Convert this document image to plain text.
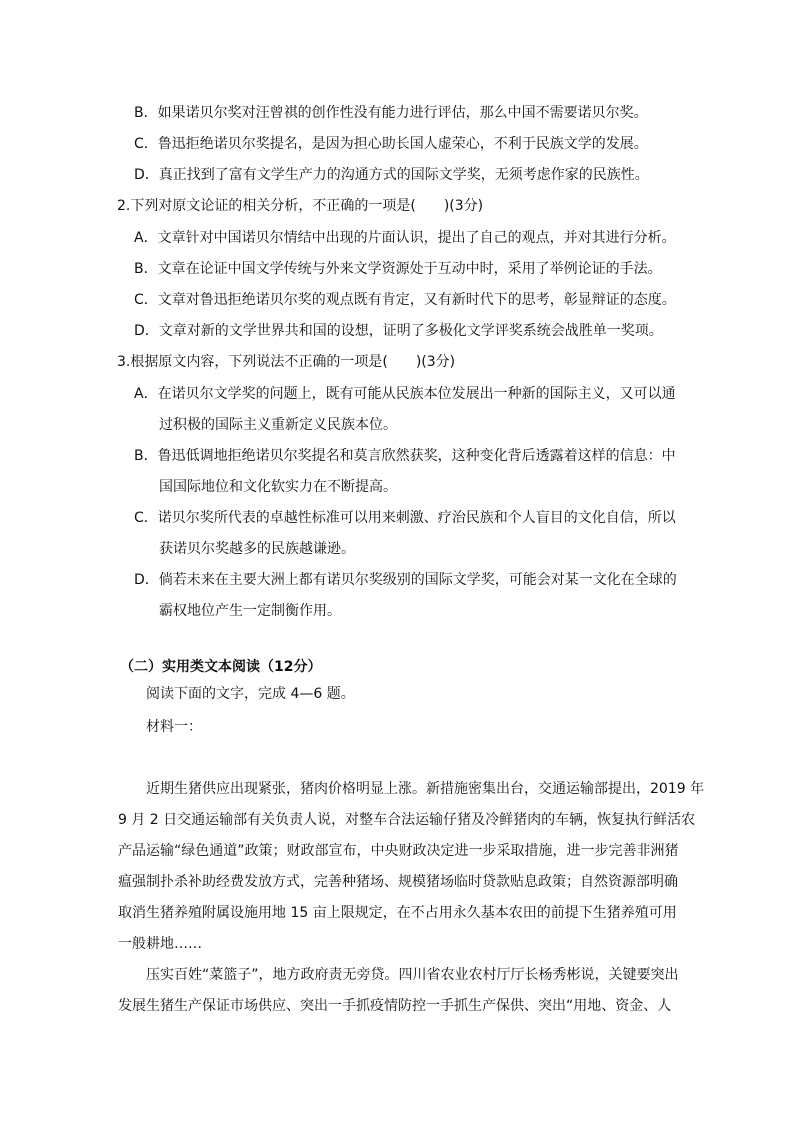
B．如果诺贝尔奖对汪曾祺的创作性没有能力进行评估，那么中国不需要诺贝尔奖。
C．鲁迅拒绝诺贝尔奖提名，是因为担心助长国人虚荣心，不利于民族文学的发展。
D．真正找到了富有文学生产力的沟通方式的国际文学奖，无须考虑作家的民族性。
2.下列对原文论证的相关分析，不正确的一项是(　　)(3分)
A．文章针对中国诺贝尔情结中出现的片面认识，提出了自己的观点，并对其进行分析。
B．文章在论证中国文学传统与外来文学资源处于互动中时，采用了举例论证的手法。
C．文章对鲁迅拒绝诺贝尔奖的观点既有肯定，又有新时代下的思考，彰显辩证的态度。
D．文章对新的文学世界共和国的设想，证明了多极化文学评奖系统会战胜单一奖项。
3.根据原文内容，下列说法不正确的一项是(　　)(3分)
A．在诺贝尔文学奖的问题上，既有可能从民族本位发展出一种新的国际主义，又可以通
过积极的国际主义重新定义民族本位。
B．鲁迅低调地拒绝诺贝尔奖提名和莫言欣然获奖，这种变化背后透露着这样的信息：中
国国际地位和文化软实力在不断提高。
C．诺贝尔奖所代表的卓越性标准可以用来刺激、疗治民族和个人盲目的文化自信，所以
获诺贝尔奖越多的民族越谦逊。
D．倘若未来在主要大洲上都有诺贝尔奖级别的国际文学奖，可能会对某一文化在全球的
霸权地位产生一定制衡作用。
（二）实用类文本阅读（12分）
阅读下面的文字，完成 4—6 题。
材料一：
近期生猪供应出现紧张，猪肉价格明显上涨。新措施密集出台，交通运输部提出，2019 年
9 月 2 日交通运输部有关负责人说，对整车合法运输仔猪及冷鲜猪肉的车辆，恢复执行鲜活农
产品运输“绿色通道”政策；财政部宣布，中央财政决定进一步采取措施，进一步完善非洲猪
瘟强制扑杀补助经费发放方式，完善种猪场、规模猪场临时贷款贴息政策；自然资源部明确
取消生猪养殖附属设施用地 15 亩上限规定，在不占用永久基本农田的前提下生猪养殖可用
一般耕地……
压实百姓“菜篮子”，地方政府责无旁贷。四川省农业农村厅厅长杨秀彬说，关键要突出
发展生猪生产保证市场供应、突出一手抓疫情防控一手抓生产保供、突出“用地、资金、人
